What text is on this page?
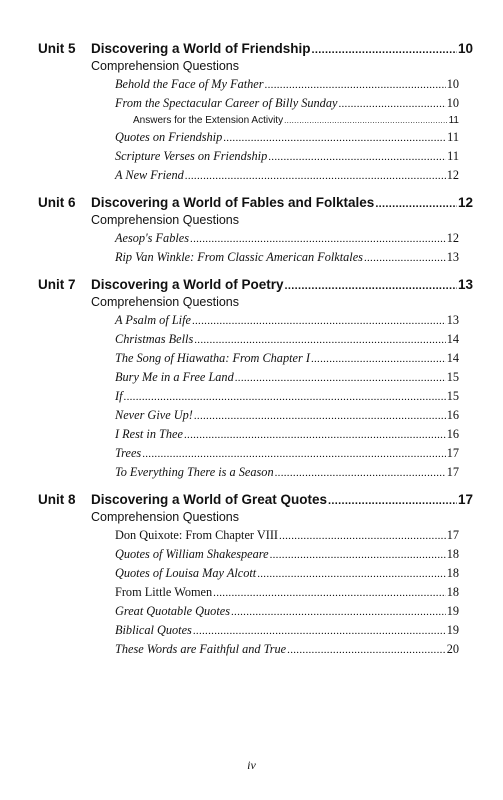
Unit 5	Discovering a World of Friendship .....	10
Comprehension Questions
Behold the Face of My Father .....	10
From the Spectacular Career of Billy Sunday .....	10
Answers for the Extension Activity .....	11
Quotes on Friendship .....	11
Scripture Verses on Friendship .....	11
A New Friend .....	12
Unit 6	Discovering a World of Fables and Folktales .....	12
Comprehension Questions
Aesop's Fables .....	12
Rip Van Winkle: From Classic American Folktales .....	13
Unit 7	Discovering a World of Poetry .....	13
Comprehension Questions
A Psalm of Life .....	13
Christmas Bells .....	14
The Song of Hiawatha: From Chapter I .....	14
Bury Me in a Free Land .....	15
If .....	15
Never Give Up! .....	16
I Rest in Thee .....	16
Trees .....	17
To Everything There is a Season .....	17
Unit 8	Discovering a World of Great Quotes .....	17
Comprehension Questions
Don Quixote: From Chapter VIII .....	17
Quotes of William Shakespeare .....	18
Quotes of Louisa May Alcott .....	18
From Little Women .....	18
Great Quotable Quotes .....	19
Biblical Quotes .....	19
These Words are Faithful and True .....	20
iv
